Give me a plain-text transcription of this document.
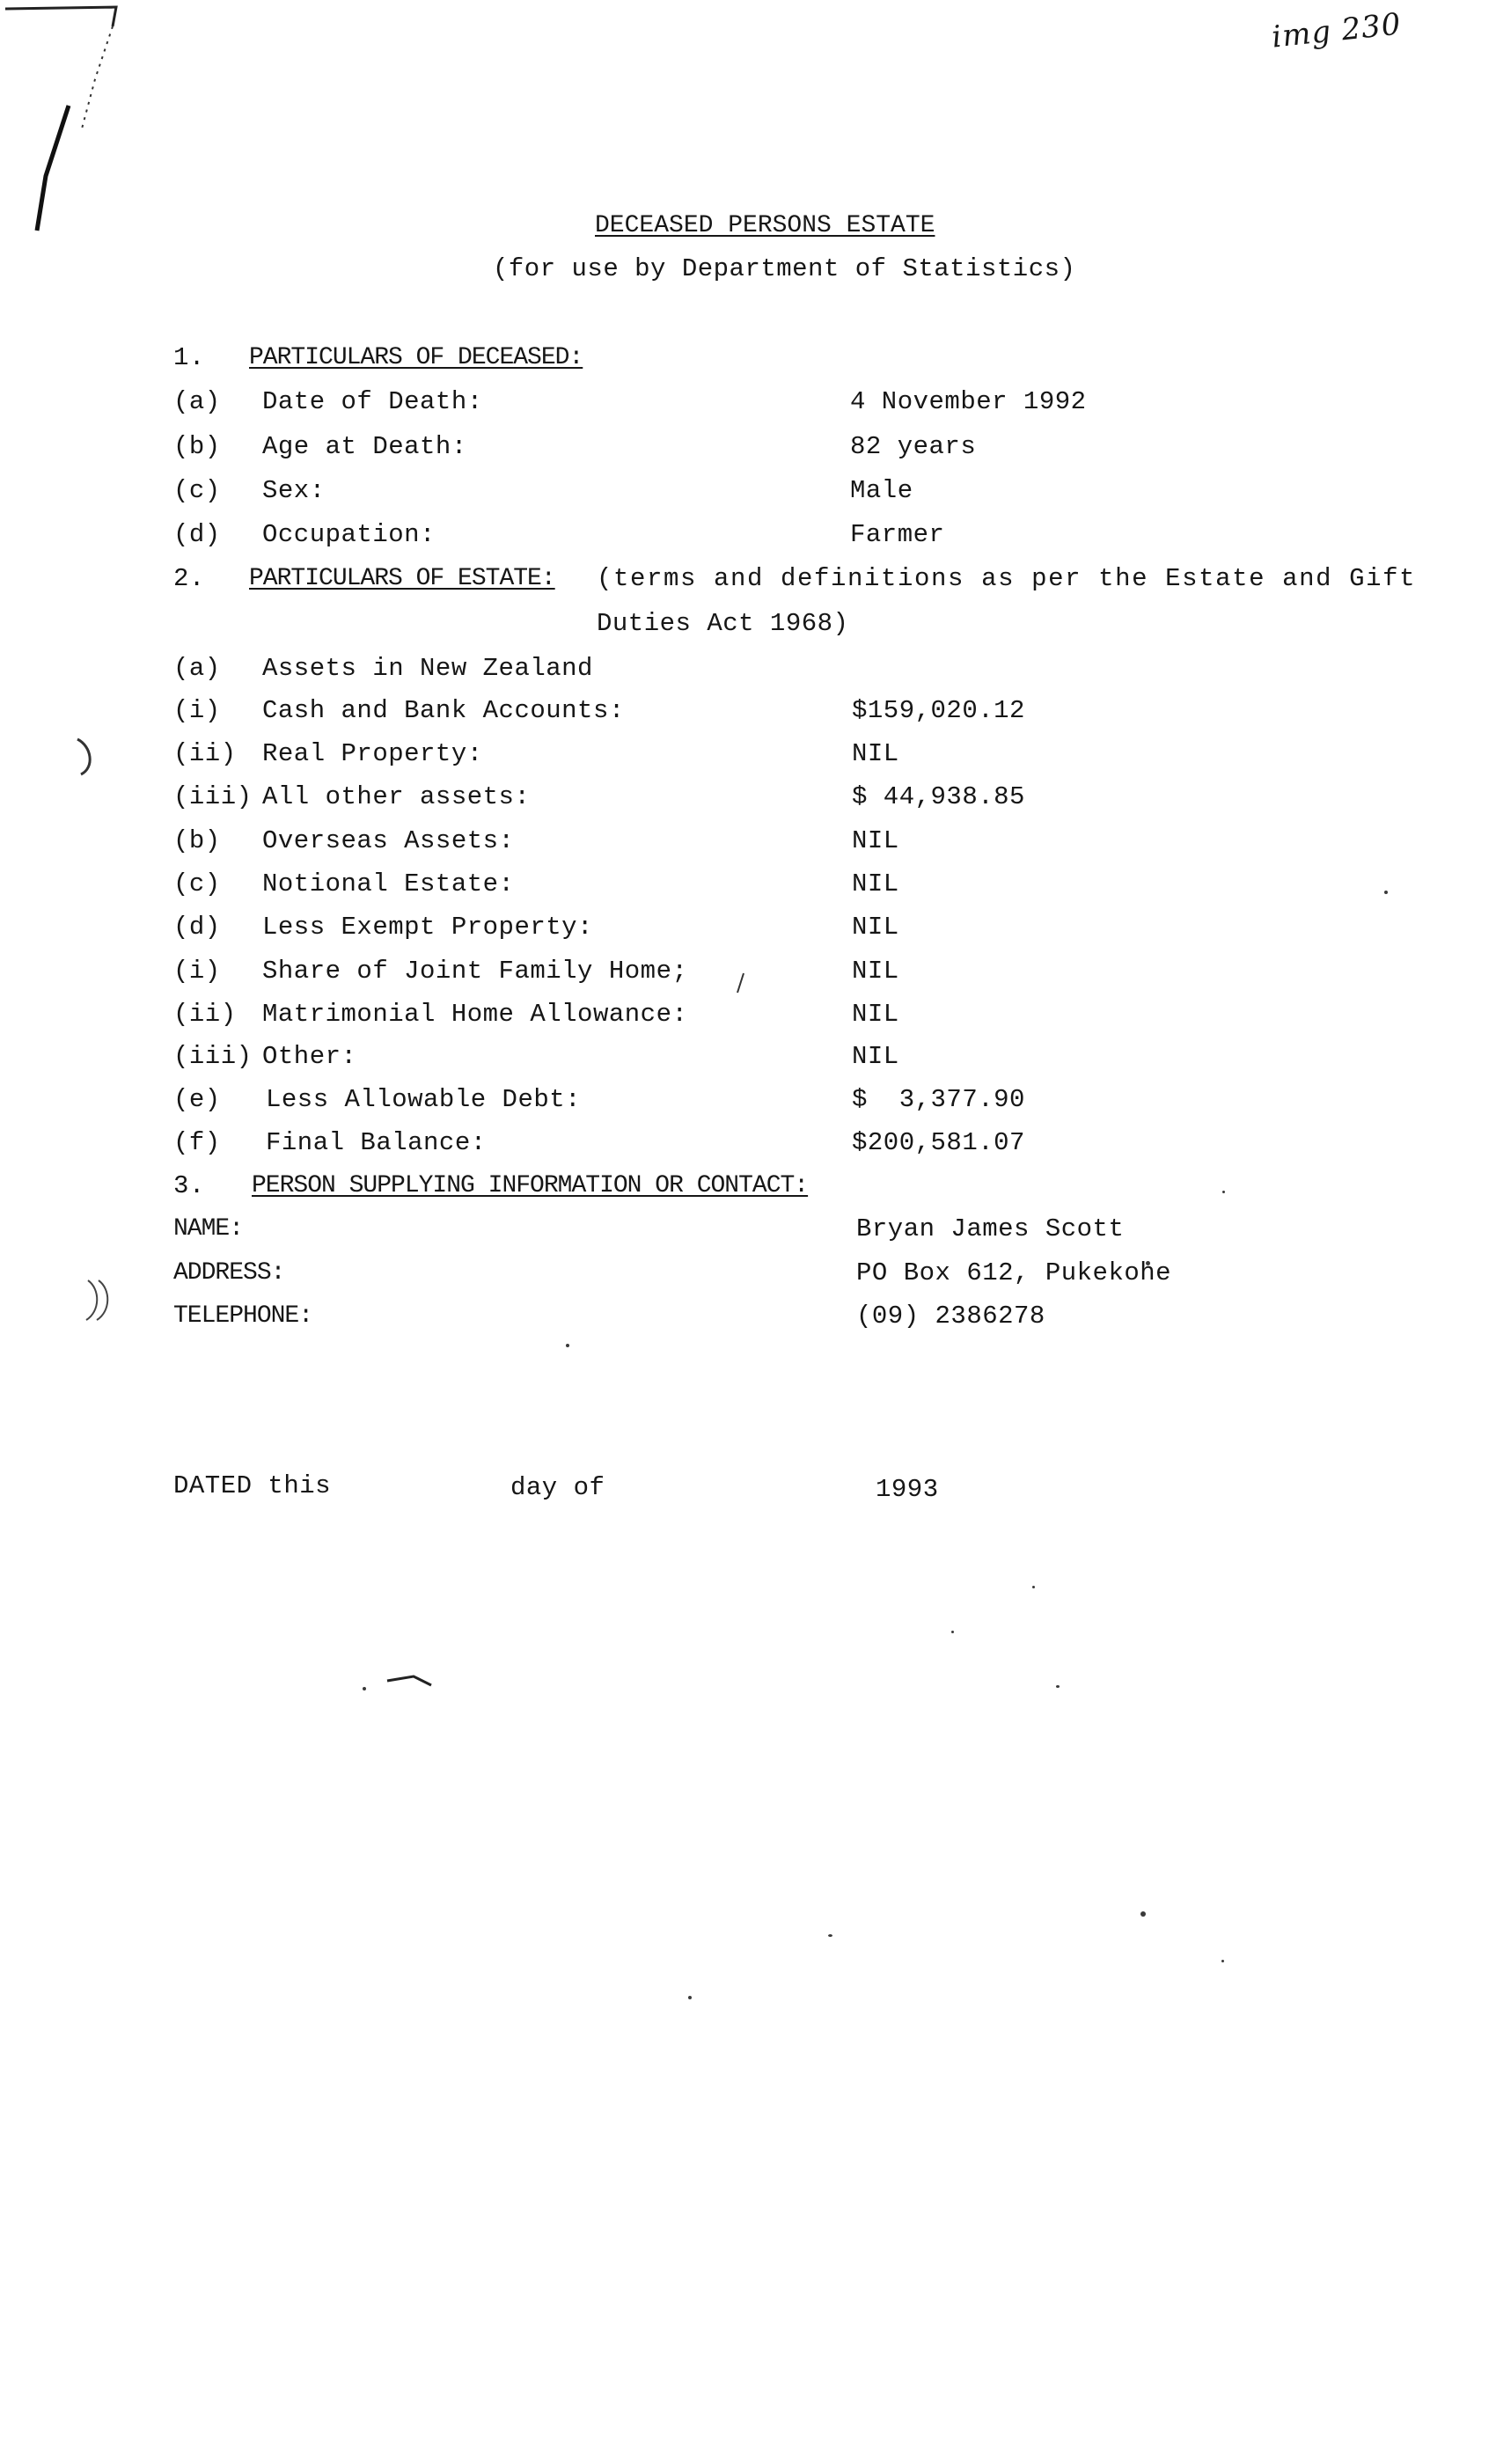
img 230
DECEASED PERSONS ESTATE
(for use by Department of Statistics)
1. PARTICULARS OF DECEASED:
(a) Date of Death:	4 November 1992
(b) Age at Death:	82 years
(c) Sex:	Male
(d) Occupation:	Farmer
2. PARTICULARS OF ESTATE: (terms and definitions as per the Estate and Gift
Duties Act 1968)
(a) Assets in New Zealand
(i) Cash and Bank Accounts:	$159,020.12
(ii) Real Property:	NIL
(iii) All other assets:	$ 44,938.85
(b) Overseas Assets:	NIL
(c) Notional Estate:	NIL
(d) Less Exempt Property:	NIL
(i) Share of Joint Family Home;	NIL
(ii) Matrimonial Home Allowance:	NIL
(iii) Other:	NIL
(e) Less Allowable Debt:	$  3,377.90
(f) Final Balance:	$200,581.07
3. PERSON SUPPLYING INFORMATION OR CONTACT:
NAME:	Bryan James Scott
ADDRESS:	PO Box 612, Pukekohe
TELEPHONE:	(09) 2386278
DATED this	day of	1993
